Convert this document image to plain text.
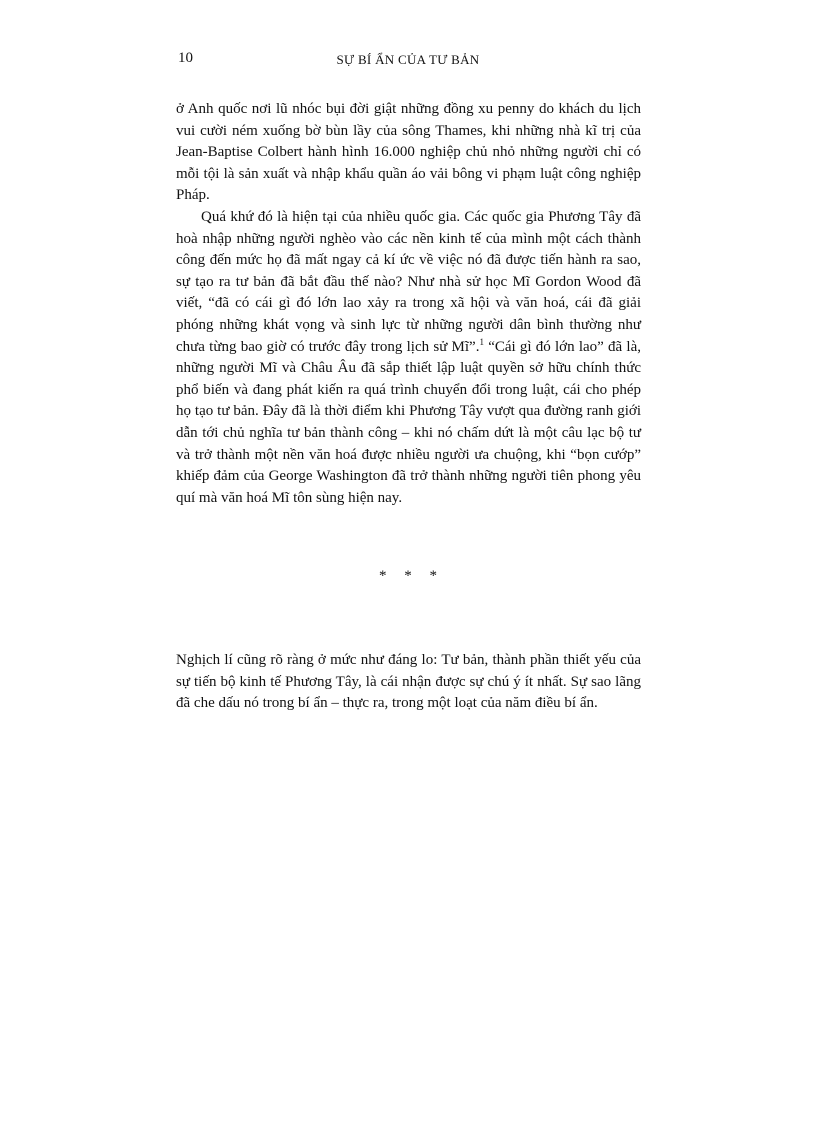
10	SỰ BÍ ẨN CỦA TƯ BẢN

ở Anh quốc nơi lũ nhóc bụi đời giật những đồng xu penny do khách du lịch vui cười ném xuống bờ bùn lầy của sông Thames, khi những nhà kĩ trị của Jean-Baptise Colbert hành hình 16.000 nghiệp chủ nhỏ những người chỉ có mỗi tội là sản xuất và nhập khẩu quần áo vải bông vi phạm luật công nghiệp Pháp.

Quá khứ đó là hiện tại của nhiều quốc gia. Các quốc gia Phương Tây đã hoà nhập những người nghèo vào các nền kinh tế của mình một cách thành công đến mức họ đã mất ngay cả kí ức về việc nó đã được tiến hành ra sao, sự tạo ra tư bản đã bắt đầu thế nào? Như nhà sử học Mĩ Gordon Wood đã viết, “đã có cái gì đó lớn lao xảy ra trong xã hội và văn hoá, cái đã giải phóng những khát vọng và sinh lực từ những người dân bình thường như chưa từng bao giờ có trước đây trong lịch sử Mĩ”.$^1$ “Cái gì đó lớn lao” đã là, những người Mĩ và Châu Âu đã sắp thiết lập luật quyền sở hữu chính thức phổ biến và đang phát kiến ra quá trình chuyển đổi trong luật, cái cho phép họ tạo tư bản. Đây đã là thời điểm khi Phương Tây vượt qua đường ranh giới dẫn tới chủ nghĩa tư bản thành công – khi nó chấm dứt là một câu lạc bộ tư và trở thành một nền văn hoá được nhiều người ưa chuộng, khi “bọn cướp” khiếp đảm của George Washington đã trở thành những người tiên phong yêu quí mà văn hoá Mĩ tôn sùng hiện nay.

* * *

Nghịch lí cũng rõ ràng ở mức như đáng lo: Tư bản, thành phần thiết yếu của sự tiến bộ kinh tế Phương Tây, là cái nhận được sự chú ý ít nhất. Sự sao lãng đã che dấu nó trong bí ẩn – thực ra, trong một loạt của năm điều bí ẩn.
